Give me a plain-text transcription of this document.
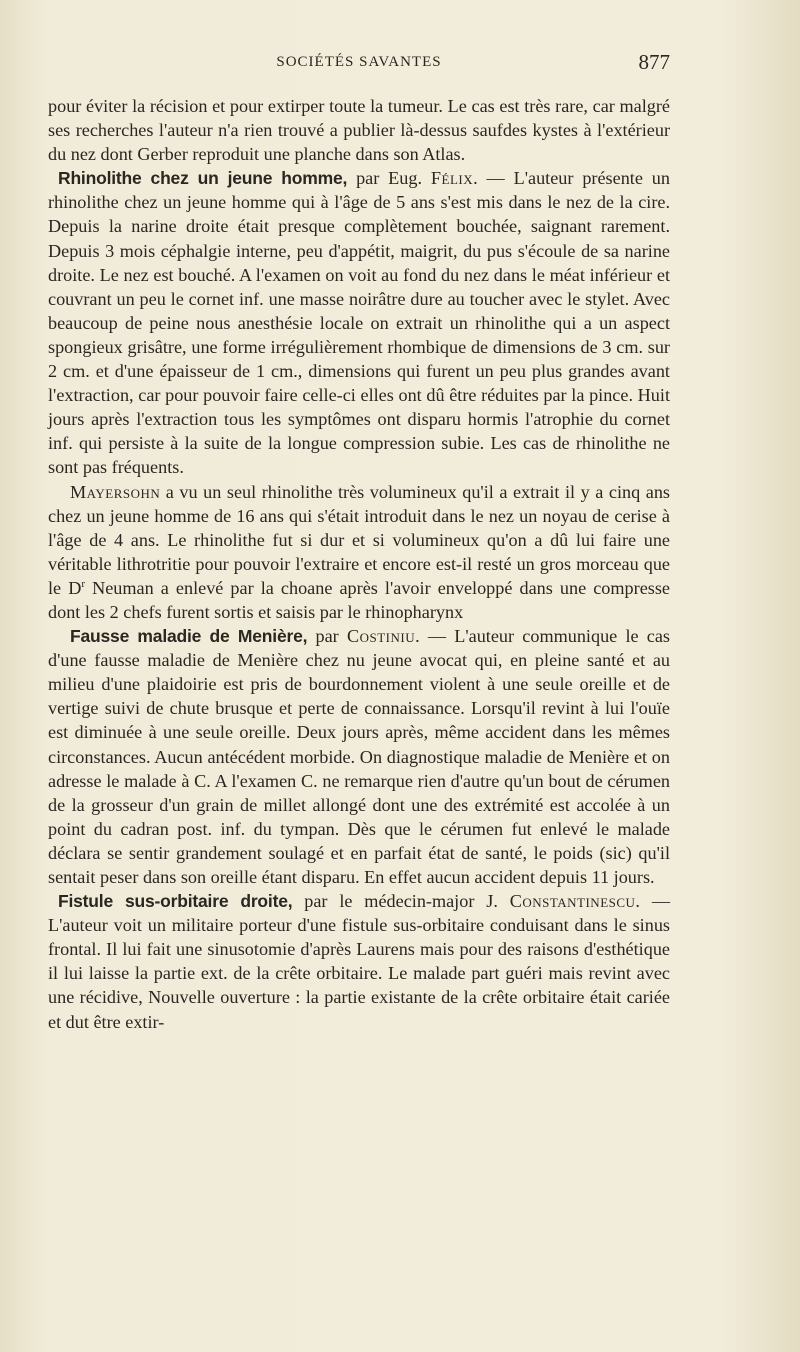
SOCIÉTÉS SAVANTES	877

pour éviter la récision et pour extirper toute la tumeur. Le cas est très rare, car malgré ses recherches l'auteur n'a rien trouvé a publier là-dessus saufdes kystes à l'extérieur du nez dont Gerber reproduit une planche dans son Atlas.

Rhinolithe chez un jeune homme, par Eug. Félix. — L'auteur présente un rhinolithe chez un jeune homme qui à l'âge de 5 ans s'est mis dans le nez de la cire. Depuis la narine droite était presque complètement bouchée, saignant rarement. Depuis 3 mois céphalgie interne, peu d'appétit, maigrit, du pus s'écoule de sa narine droite. Le nez est bouché. A l'examen on voit au fond du nez dans le méat inférieur et couvrant un peu le cornet inf. une masse noirâtre dure au toucher avec le stylet. Avec beaucoup de peine nous anesthésie locale on extrait un rhinolithe qui a un aspect spongieux grisâtre, une forme irrégulièrement rhombique de dimensions de 3 cm. sur 2 cm. et d'une épaisseur de 1 cm., dimensions qui furent un peu plus grandes avant l'extraction, car pour pouvoir faire celle-ci elles ont dû être réduites par la pince. Huit jours après l'extraction tous les symptômes ont disparu hormis l'atrophie du cornet inf. qui persiste à la suite de la longue compression subie. Les cas de rhinolithe ne sont pas fréquents.

Mayersohn a vu un seul rhinolithe très volumineux qu'il a extrait il y a cinq ans chez un jeune homme de 16 ans qui s'était introduit dans le nez un noyau de cerise à l'âge de 4 ans. Le rhinolithe fut si dur et si volumineux qu'on a dû lui faire une véritable lithrotritie pour pouvoir l'extraire et encore est-il resté un gros morceau que le $D^r$ Neuman a enlevé par la choane après l'avoir enveloppé dans une compresse dont les 2 chefs furent sortis et saisis par le rhinopharynx

Fausse maladie de Menière, par Costiniu. — L'auteur communique le cas d'une fausse maladie de Menière chez nu jeune avocat qui, en pleine santé et au milieu d'une plaidoirie est pris de bourdonnement violent à une seule oreille et de vertige suivi de chute brusque et perte de connaissance. Lorsqu'il revint à lui l'ouïe est diminuée à une seule oreille. Deux jours après, même accident dans les mêmes circonstances. Aucun antécédent morbide. On diagnostique maladie de Menière et on adresse le malade à C. A l'examen C. ne remarque rien d'autre qu'un bout de cérumen de la grosseur d'un grain de millet allongé dont une des extrémité est accolée à un point du cadran post. inf. du tympan. Dès que le cérumen fut enlevé le malade déclara se sentir grandement soulagé et en parfait état de santé, le poids (sic) qu'il sentait peser dans son oreille étant disparu. En effet aucun accident depuis 11 jours.

Fistule sus-orbitaire droite, par le médecin-major J. Constantinescu. — L'auteur voit un militaire porteur d'une fistule sus-orbitaire conduisant dans le sinus frontal. Il lui fait une sinusotomie d'après Laurens mais pour des raisons d'esthétique il lui laisse la partie ext. de la crête orbitaire. Le malade part guéri mais revint avec une récidive, Nouvelle ouverture : la partie existante de la crête orbitaire était cariée et dut être extir-
